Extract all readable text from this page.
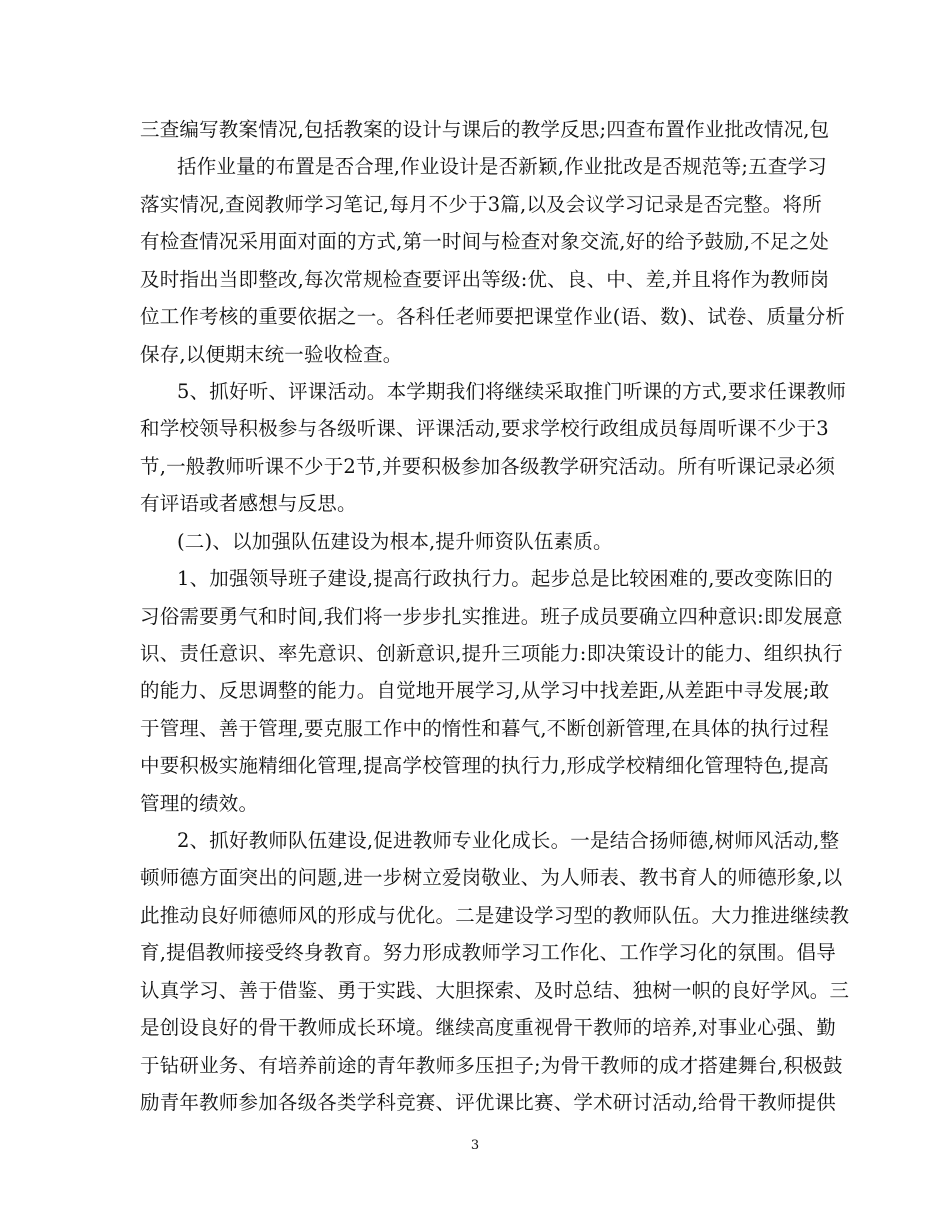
三查编写教案情况,包括教案的设计与课后的教学反思;四查布置作业批改情况,包
括作业量的布置是否合理,作业设计是否新颖,作业批改是否规范等;五查学习
落实情况,查阅教师学习笔记,每月不少于3篇,以及会议学习记录是否完整。将所
有检查情况采用面对面的方式,第一时间与检查对象交流,好的给予鼓励,不足之处
及时指出当即整改,每次常规检查要评出等级:优、良、中、差,并且将作为教师岗
位工作考核的重要依据之一。各科任老师要把课堂作业(语、数)、试卷、质量分析
保存,以便期末统一验收检查。
5、抓好听、评课活动。本学期我们将继续采取推门听课的方式,要求任课教师
和学校领导积极参与各级听课、评课活动,要求学校行政组成员每周听课不少于3
节,一般教师听课不少于2节,并要积极参加各级教学研究活动。所有听课记录必须
有评语或者感想与反思。
(二)、以加强队伍建设为根本,提升师资队伍素质。
1、加强领导班子建设,提高行政执行力。起步总是比较困难的,要改变陈旧的
习俗需要勇气和时间,我们将一步步扎实推进。班子成员要确立四种意识:即发展意
识、责任意识、率先意识、创新意识,提升三项能力:即决策设计的能力、组织执行
的能力、反思调整的能力。自觉地开展学习,从学习中找差距,从差距中寻发展;敢
于管理、善于管理,要克服工作中的惰性和暮气,不断创新管理,在具体的执行过程
中要积极实施精细化管理,提高学校管理的执行力,形成学校精细化管理特色,提高
管理的绩效。
2、抓好教师队伍建设,促进教师专业化成长。一是结合扬师德,树师风活动,整
顿师德方面突出的问题,进一步树立爱岗敬业、为人师表、教书育人的师德形象,以
此推动良好师德师风的形成与优化。二是建设学习型的教师队伍。大力推进继续教
育,提倡教师接受终身教育。努力形成教师学习工作化、工作学习化的氛围。倡导
认真学习、善于借鉴、勇于实践、大胆探索、及时总结、独树一帜的良好学风。三
是创设良好的骨干教师成长环境。继续高度重视骨干教师的培养,对事业心强、勤
于钻研业务、有培养前途的青年教师多压担子;为骨干教师的成才搭建舞台,积极鼓
励青年教师参加各级各类学科竞赛、评优课比赛、学术研讨活动,给骨干教师提供
3
